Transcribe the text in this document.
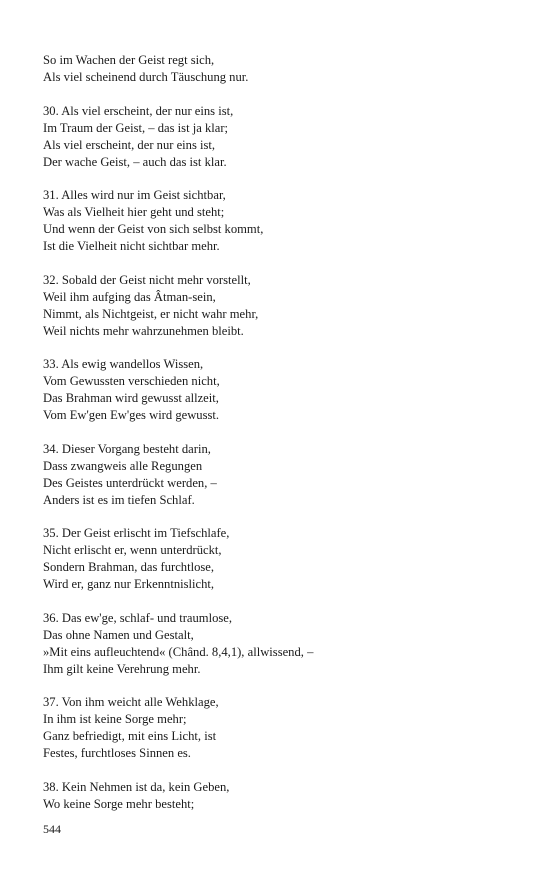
So im Wachen der Geist regt sich,
Als viel scheinend durch Täuschung nur.
30. Als viel erscheint, der nur eins ist,
Im Traum der Geist, – das ist ja klar;
Als viel erscheint, der nur eins ist,
Der wache Geist, – auch das ist klar.
31. Alles wird nur im Geist sichtbar,
Was als Vielheit hier geht und steht;
Und wenn der Geist von sich selbst kommt,
Ist die Vielheit nicht sichtbar mehr.
32. Sobald der Geist nicht mehr vorstellt,
Weil ihm aufging das Âtman-sein,
Nimmt, als Nichtgeist, er nicht wahr mehr,
Weil nichts mehr wahrzunehmen bleibt.
33. Als ewig wandellos Wissen,
Vom Gewussten verschieden nicht,
Das Brahman wird gewusst allzeit,
Vom Ew'gen Ew'ges wird gewusst.
34. Dieser Vorgang besteht darin,
Dass zwangweis alle Regungen
Des Geistes unterdrückt werden, –
Anders ist es im tiefen Schlaf.
35. Der Geist erlischt im Tiefschlafe,
Nicht erlischt er, wenn unterdrückt,
Sondern Brahman, das furchtlose,
Wird er, ganz nur Erkenntnislicht,
36. Das ew'ge, schlaf- und traumlose,
Das ohne Namen und Gestalt,
»Mit eins aufleuchtend« (Chând. 8,4,1), allwissend, –
Ihm gilt keine Verehrung mehr.
37. Von ihm weicht alle Wehklage,
In ihm ist keine Sorge mehr;
Ganz befriedigt, mit eins Licht, ist
Festes, furchtloses Sinnen es.
38. Kein Nehmen ist da, kein Geben,
Wo keine Sorge mehr besteht;
544
